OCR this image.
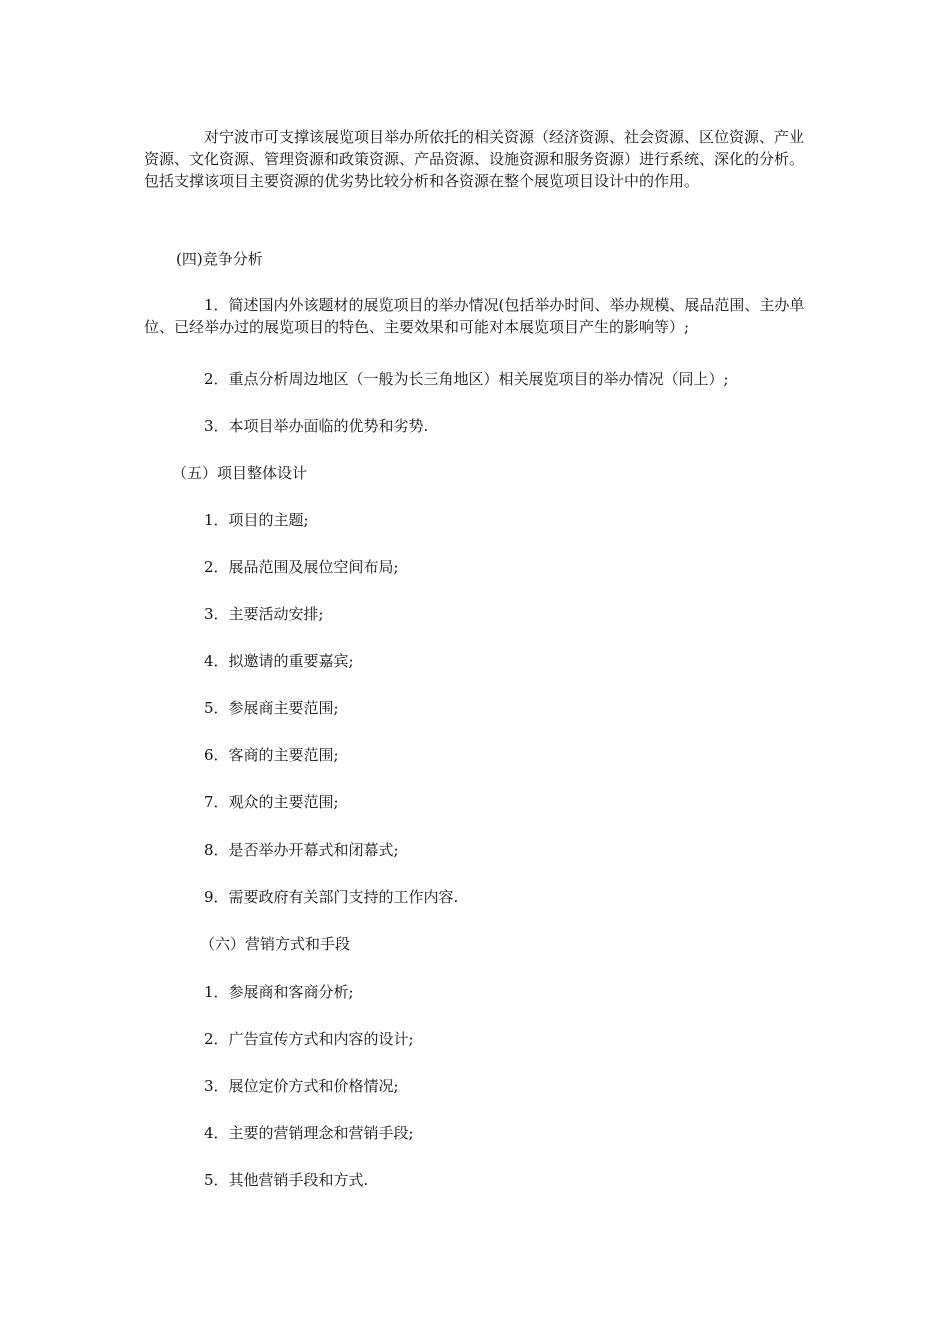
对宁波市可支撑该展览项目举办所依托的相关资源（经济资源、社会资源、区位资源、产业资源、文化资源、管理资源和政策资源、产品资源、设施资源和服务资源）进行系统、深化的分析。包括支撑该项目主要资源的优劣势比较分析和各资源在整个展览项目设计中的作用。

(四)竞争分析

1．简述国内外该题材的展览项目的举办情况(包括举办时间、举办规模、展品范围、主办单位、已经举办过的展览项目的特色、主要效果和可能对本展览项目产生的影响等）;

2．重点分析周边地区（一般为长三角地区）相关展览项目的举办情况（同上）;

3．本项目举办面临的优势和劣势.

（五）项目整体设计

1．项目的主题;

2．展品范围及展位空间布局;

3．主要活动安排;

4．拟邀请的重要嘉宾;

5．参展商主要范围;

6．客商的主要范围;

7．观众的主要范围;

8．是否举办开幕式和闭幕式;

9．需要政府有关部门支持的工作内容.

（六）营销方式和手段

1．参展商和客商分析;

2．广告宣传方式和内容的设计;

3．展位定价方式和价格情况;

4．主要的营销理念和营销手段;

5．其他营销手段和方式.
